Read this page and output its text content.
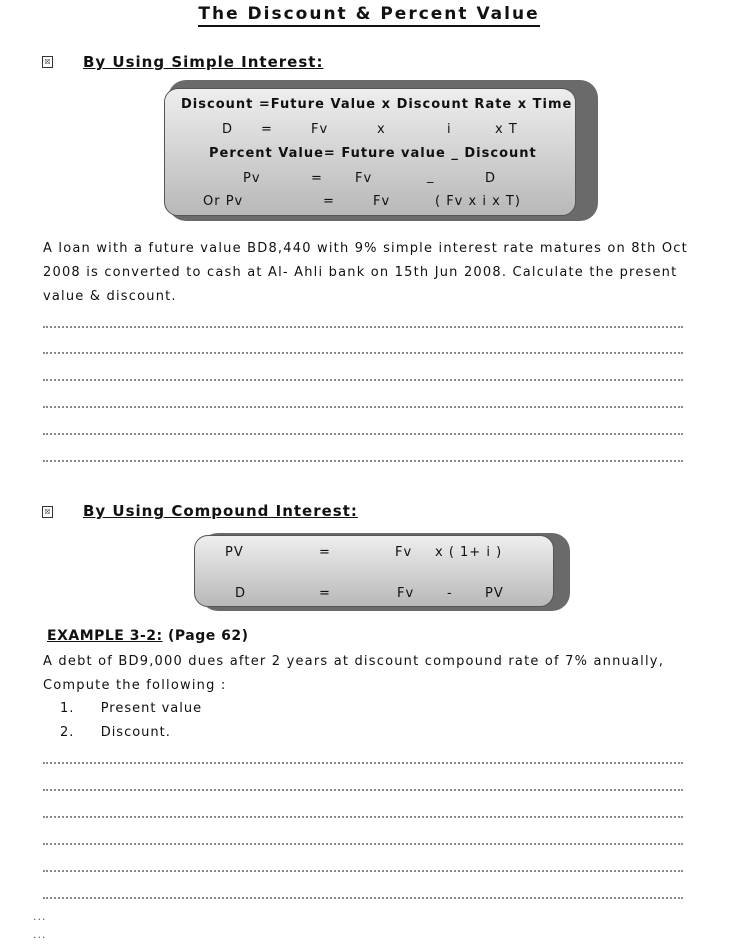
The Discount & Percent Value
☒ By Using Simple Interest:
Discount =Future Value x Discount Rate x Time
D =	Fv	x	i	x T
Percent Value= Future value _ Discount
Pv	= Fv	_	D
Or Pv	=	Fv	( Fv x i x T)
A loan with a future value BD8,440 with 9% simple interest rate matures on 8th Oct
2008 is converted to cash at Al- Ahli bank on 15th Jun 2008. Calculate the present
value & discount.
☒ By Using Compound Interest:
PV	=	Fv x ( 1+ i )
D	=	Fv	- PV
EXAMPLE 3-2: (Page 62)
A debt of BD9,000 dues after 2 years at discount compound rate of 7% annually,
Compute the following :
1. Present value
2. Discount.
...
...
